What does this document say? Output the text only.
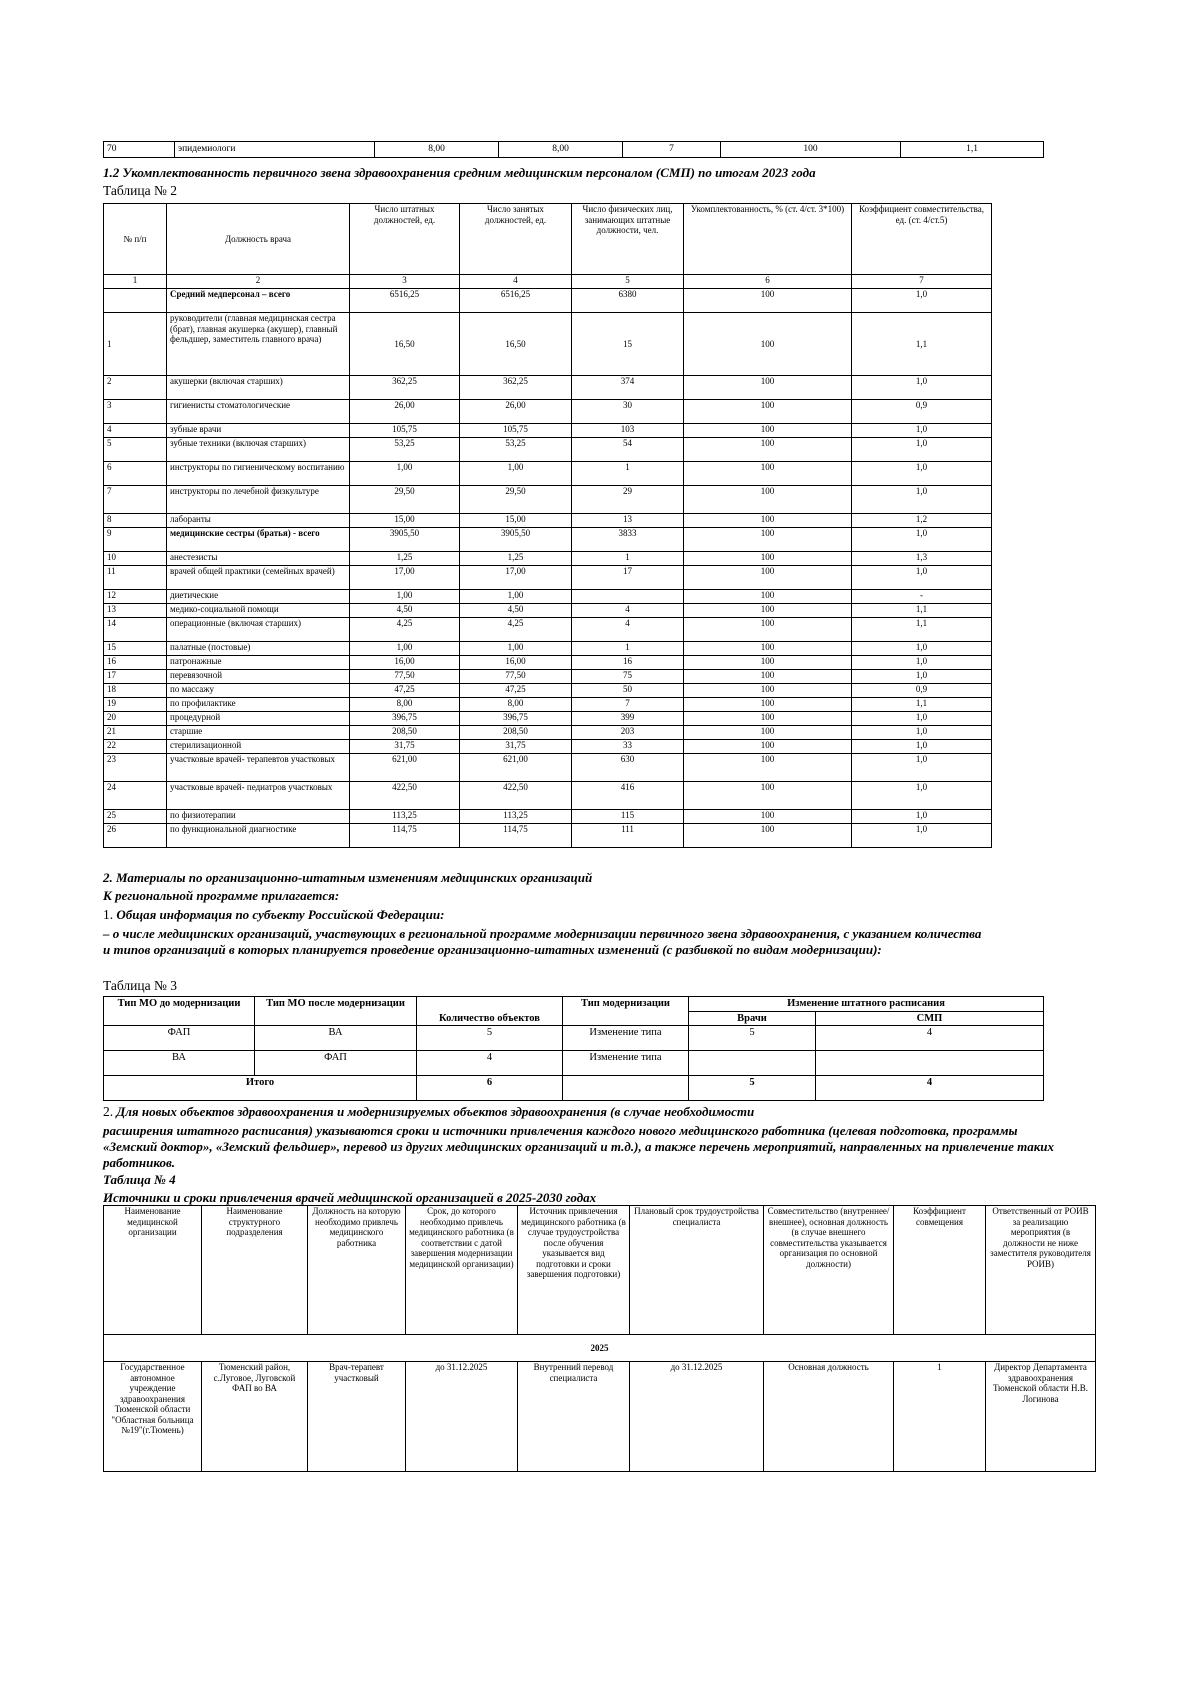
70	эпидемиологи	8,00	8,00	7	100	1,1
1.2 Укомплектованность первичного звена здравоохранения средним медицинским персоналом (СМП) по итогам 2023 года
Таблица № 2
№ п/п	Должность врача	Число штатных должностей, ед.	Число занятых должностей, ед.	Число физических лиц, занимающих штатные должности, чел.	Укомплектованность, % (ст. 4/ст. 3*100)	Коэффициент совместительства, ед. (ст. 4/ст.5)
1	2	3	4	5	6	7
	Средний медперсонал – всего	6516,25	6516,25	6380	100	1,0
1	руководители (главная медицинская сестра (брат), главная акушерка (акушер), главный фельдшер, заместитель главного врача)	16,50	16,50	15	100	1,1
2	акушерки (включая старших)	362,25	362,25	374	100	1,0
3	гигиенисты стоматологические	26,00	26,00	30	100	0,9
4	зубные врачи	105,75	105,75	103	100	1,0
5	зубные техники (включая старших)	53,25	53,25	54	100	1,0
6	инструкторы по гигиеническому воспитанию	1,00	1,00	1	100	1,0
7	инструкторы по лечебной физкультуре	29,50	29,50	29	100	1,0
8	лаборанты	15,00	15,00	13	100	1,2
9	медицинские сестры (братья) - всего	3905,50	3905,50	3833	100	1,0
10	анестезисты	1,25	1,25	1	100	1,3
11	врачей общей практики (семейных врачей)	17,00	17,00	17	100	1,0
12	диетические	1,00	1,00		100	-
13	медико-социальной помощи	4,50	4,50	4	100	1,1
14	операционные (включая старших)	4,25	4,25	4	100	1,1
15	палатные (постовые)	1,00	1,00	1	100	1,0
16	патронажные	16,00	16,00	16	100	1,0
17	перевязочной	77,50	77,50	75	100	1,0
18	по массажу	47,25	47,25	50	100	0,9
19	по профилактике	8,00	8,00	7	100	1,1
20	процедурной	396,75	396,75	399	100	1,0
21	старшие	208,50	208,50	203	100	1,0
22	стерилизационной	31,75	31,75	33	100	1,0
23	участковые врачей- терапевтов участковых	621,00	621,00	630	100	1,0
24	участковые врачей- педиатров участковых	422,50	422,50	416	100	1,0
25	по физиотерапии	113,25	113,25	115	100	1,0
26	по функциональной диагностике	114,75	114,75	111	100	1,0
2. Материалы по организационно-штатным изменениям медицинских организаций
К региональной программе прилагается:
1. Общая информация по субъекту Российской Федерации:
– о числе медицинских организаций, участвующих в региональной программе модернизации первичного звена здравоохранения, с указанием количества и типов организаций в которых планируется проведение организационно-штатных изменений (с разбивкой по видам модернизации):
Таблица № 3
Тип МО до модернизации	Тип МО после модернизации	Количество объектов	Тип модернизации	Изменение штатного расписания	
				Врачи	СМП
ФАП	ВА	5	Изменение типа	5	4
ВА	ФАП	4	Изменение типа		
Итого		6		5	4
2. Для новых объектов здравоохранения и модернизируемых объектов здравоохранения (в случае необходимости
расширения штатного расписания) указываются сроки и источники привлечения каждого нового медицинского работника (целевая подготовка, программы «Земский доктор», «Земский фельдшер», перевод из других медицинских организаций и т.д.), а также перечень мероприятий, направленных на привлечение таких работников.
Таблица № 4
Источники и сроки привлечения врачей медицинской организацией в 2025-2030 годах
Наименование медицинской организации	Наименование структурного подразделения	Должность на которую необходимо привлечь медицинского работника	Срок, до которого необходимо привлечь медицинского работника (в соответствии с датой завершения модернизации медицинской организации)	Источник привлечения медицинского работника (в случае трудоустройства после обучения указывается вид подготовки и сроки завершения подготовки)	Плановый срок трудоустройства специалиста	Совместительство (внутреннее/внешнее), основная должность (в случае внешнего совместительства указывается организация по основной должности)	Коэффициент совмещения	Ответственный от РОИВ за реализацию мероприятия (в должности не ниже заместителя руководителя РОИВ)
2025								
Государственное автономное учреждение здравоохранения Тюменской области "Областная больница №19"(г.Тюмень)	Тюменский район, с.Луговое, Луговской ФАП во ВА	Врач-терапевт участковый	до 31.12.2025	Внутренний перевод специалиста	до 31.12.2025	Основная должность	1	Директор Департамента здравоохранения Тюменской области Н.В. Логинова
